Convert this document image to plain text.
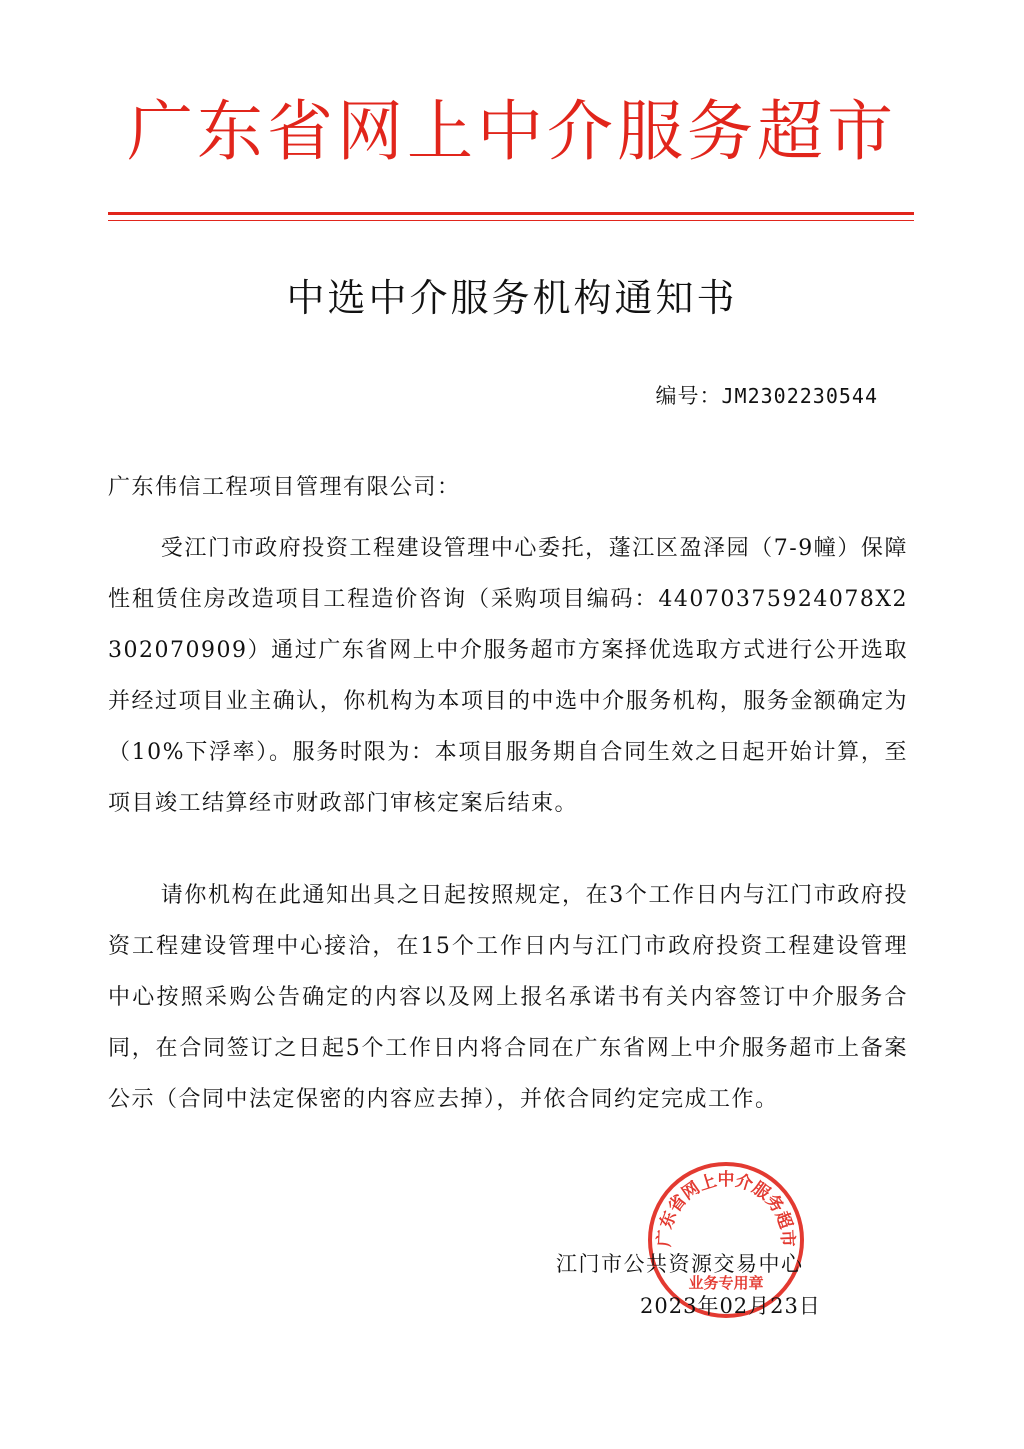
广东省网上中介服务超市
中选中介服务机构通知书
编号：JM2302230544
广东伟信工程项目管理有限公司：

受江门市政府投资工程建设管理中心委托，蓬江区盈泽园（7-9幢）保障性租赁住房改造项目工程造价咨询（采购项目编码：44070375924078X2302070909）通过广东省网上中介服务超市方案择优选取方式进行公开选取并经过项目业主确认，你机构为本项目的中选中介服务机构，服务金额确定为（10%下浮率）。服务时限为：本项目服务期自合同生效之日起开始计算，至项目竣工结算经市财政部门审核定案后结束。

请你机构在此通知出具之日起按照规定，在3个工作日内与江门市政府投资工程建设管理中心接洽，在15个工作日内与江门市政府投资工程建设管理中心按照采购公告确定的内容以及网上报名承诺书有关内容签订中介服务合同，在合同签订之日起5个工作日内将合同在广东省网上中介服务超市上备案公示（合同中法定保密的内容应去掉），并依合同约定完成工作。

广东省网上中介服务超市
业务专用章
江门市公共资源交易中心
2023年02月23日
